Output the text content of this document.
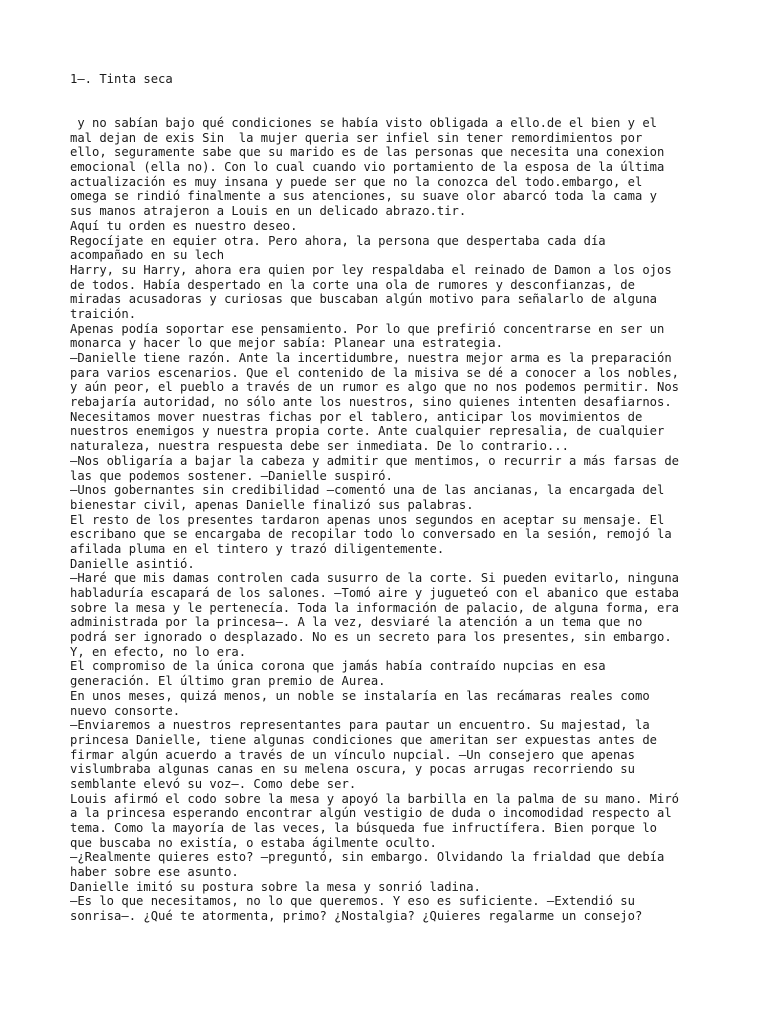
1—. Tinta seca
y no sabían bajo qué condiciones se había visto obligada a ello.de el bien y el
mal dejan de exis Sin  la mujer queria ser infiel sin tener remordimientos por
ello, seguramente sabe que su marido es de las personas que necesita una conexion
emocional (ella no). Con lo cual cuando vio portamiento de la esposa de la última
actualización es muy insana y puede ser que no la conozca del todo.embargo, el
omega se rindió finalmente a sus atenciones, su suave olor abarcó toda la cama y
sus manos atrajeron a Louis en un delicado abrazo.tir.
Aquí tu orden es nuestro deseo.
Regocíjate en equier otra. Pero ahora, la persona que despertaba cada día
acompañado en su lech
Harry, su Harry, ahora era quien por ley respaldaba el reinado de Damon a los ojos
de todos. Había despertado en la corte una ola de rumores y desconfianzas, de
miradas acusadoras y curiosas que buscaban algún motivo para señalarlo de alguna
traición.
Apenas podía soportar ese pensamiento. Por lo que prefirió concentrarse en ser un
monarca y hacer lo que mejor sabía: Planear una estrategia.
—Danielle tiene razón. Ante la incertidumbre, nuestra mejor arma es la preparación
para varios escenarios. Que el contenido de la misiva se dé a conocer a los nobles,
y aún peor, el pueblo a través de un rumor es algo que no nos podemos permitir. Nos
rebajaría autoridad, no sólo ante los nuestros, sino quienes intenten desafiarnos.
Necesitamos mover nuestras fichas por el tablero, anticipar los movimientos de
nuestros enemigos y nuestra propia corte. Ante cualquier represalia, de cualquier
naturaleza, nuestra respuesta debe ser inmediata. De lo contrario...
—Nos obligaría a bajar la cabeza y admitir que mentimos, o recurrir a más farsas de
las que podemos sostener. —Danielle suspiró.
—Unos gobernantes sin credibilidad —comentó una de las ancianas, la encargada del
bienestar civil, apenas Danielle finalizó sus palabras.
El resto de los presentes tardaron apenas unos segundos en aceptar su mensaje. El
escribano que se encargaba de recopilar todo lo conversado en la sesión, remojó la
afilada pluma en el tintero y trazó diligentemente.
Danielle asintió.
—Haré que mis damas controlen cada susurro de la corte. Si pueden evitarlo, ninguna
habladuría escapará de los salones. —Tomó aire y jugueteó con el abanico que estaba
sobre la mesa y le pertenecía. Toda la información de palacio, de alguna forma, era
administrada por la princesa—. A la vez, desviaré la atención a un tema que no
podrá ser ignorado o desplazado. No es un secreto para los presentes, sin embargo.
Y, en efecto, no lo era.
El compromiso de la única corona que jamás había contraído nupcias en esa
generación. El último gran premio de Aurea.
En unos meses, quizá menos, un noble se instalaría en las recámaras reales como
nuevo consorte.
—Enviaremos a nuestros representantes para pautar un encuentro. Su majestad, la
princesa Danielle, tiene algunas condiciones que ameritan ser expuestas antes de
firmar algún acuerdo a través de un vínculo nupcial. —Un consejero que apenas
vislumbraba algunas canas en su melena oscura, y pocas arrugas recorriendo su
semblante elevó su voz—. Como debe ser.
Louis afirmó el codo sobre la mesa y apoyó la barbilla en la palma de su mano. Miró
a la princesa esperando encontrar algún vestigio de duda o incomodidad respecto al
tema. Como la mayoría de las veces, la búsqueda fue infructífera. Bien porque lo
que buscaba no existía, o estaba ágilmente oculto.
—¿Realmente quieres esto? —preguntó, sin embargo. Olvidando la frialdad que debía
haber sobre ese asunto.
Danielle imitó su postura sobre la mesa y sonrió ladina.
—Es lo que necesitamos, no lo que queremos. Y eso es suficiente. —Extendió su
sonrisa—. ¿Qué te atormenta, primo? ¿Nostalgia? ¿Quieres regalarme un consejo?
